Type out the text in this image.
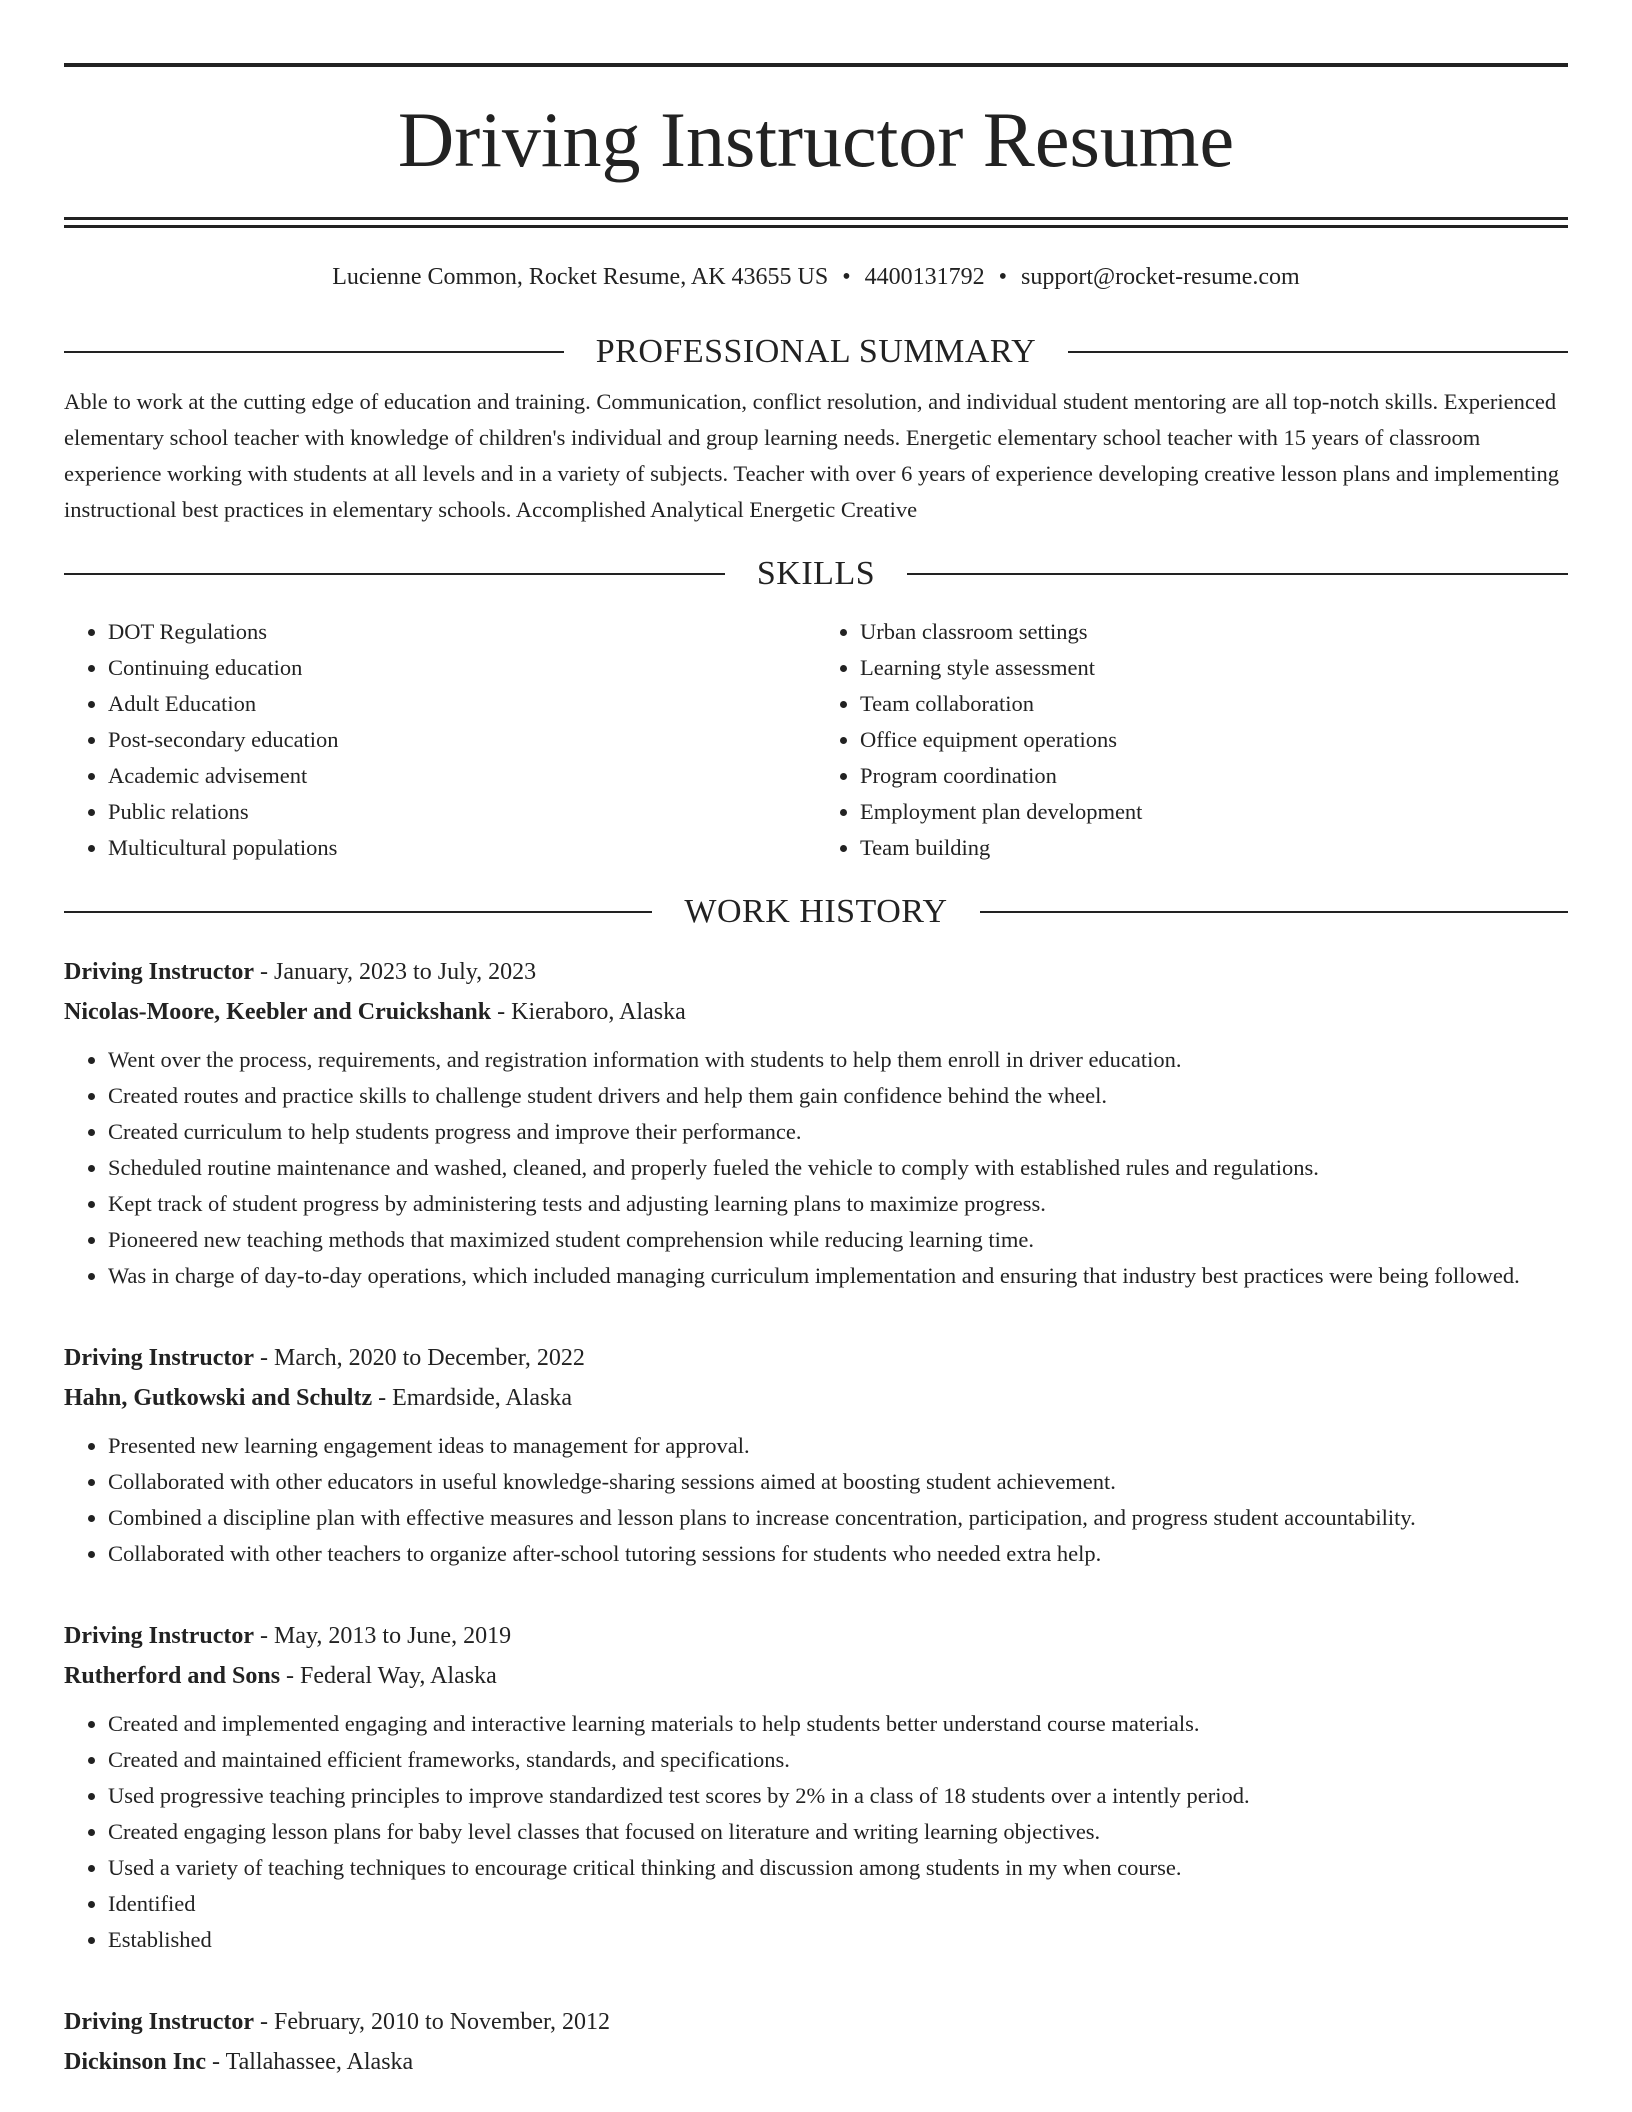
Driving Instructor Resume
Lucienne Common, Rocket Resume, AK 43655 US • 4400131792 • support@rocket-resume.com
PROFESSIONAL SUMMARY

Able to work at the cutting edge of education and training. Communication, conflict resolution, and individual student mentoring are all top-notch skills. Experienced elementary school teacher with knowledge of children's individual and group learning needs. Energetic elementary school teacher with 15 years of classroom experience working with students at all levels and in a variety of subjects. Teacher with over 6 years of experience developing creative lesson plans and implementing instructional best practices in elementary schools. Accomplished Analytical Energetic Creative

SKILLS
• DOT Regulations
• Continuing education
• Adult Education
• Post-secondary education
• Academic advisement
• Public relations
• Multicultural populations
• Urban classroom settings
• Learning style assessment
• Team collaboration
• Office equipment operations
• Program coordination
• Employment plan development
• Team building
WORK HISTORY
Driving Instructor - January, 2023 to July, 2023
Nicolas-Moore, Keebler and Cruickshank - Kieraboro, Alaska
• Went over the process, requirements, and registration information with students to help them enroll in driver education.
• Created routes and practice skills to challenge student drivers and help them gain confidence behind the wheel.
• Created curriculum to help students progress and improve their performance.
• Scheduled routine maintenance and washed, cleaned, and properly fueled the vehicle to comply with established rules and regulations.
• Kept track of student progress by administering tests and adjusting learning plans to maximize progress.
• Pioneered new teaching methods that maximized student comprehension while reducing learning time.
• Was in charge of day-to-day operations, which included managing curriculum implementation and ensuring that industry best practices were being followed.
Driving Instructor - March, 2020 to December, 2022
Hahn, Gutkowski and Schultz - Emardside, Alaska
• Presented new learning engagement ideas to management for approval.
• Collaborated with other educators in useful knowledge-sharing sessions aimed at boosting student achievement.
• Combined a discipline plan with effective measures and lesson plans to increase concentration, participation, and progress student accountability.
• Collaborated with other teachers to organize after-school tutoring sessions for students who needed extra help.
Driving Instructor - May, 2013 to June, 2019
Rutherford and Sons - Federal Way, Alaska
• Created and implemented engaging and interactive learning materials to help students better understand course materials.
• Created and maintained efficient frameworks, standards, and specifications.
• Used progressive teaching principles to improve standardized test scores by 2% in a class of 18 students over a intently period.
• Created engaging lesson plans for baby level classes that focused on literature and writing learning objectives.
• Used a variety of teaching techniques to encourage critical thinking and discussion among students in my when course.
• Identified
• Established
Driving Instructor - February, 2010 to November, 2012
Dickinson Inc - Tallahassee, Alaska
